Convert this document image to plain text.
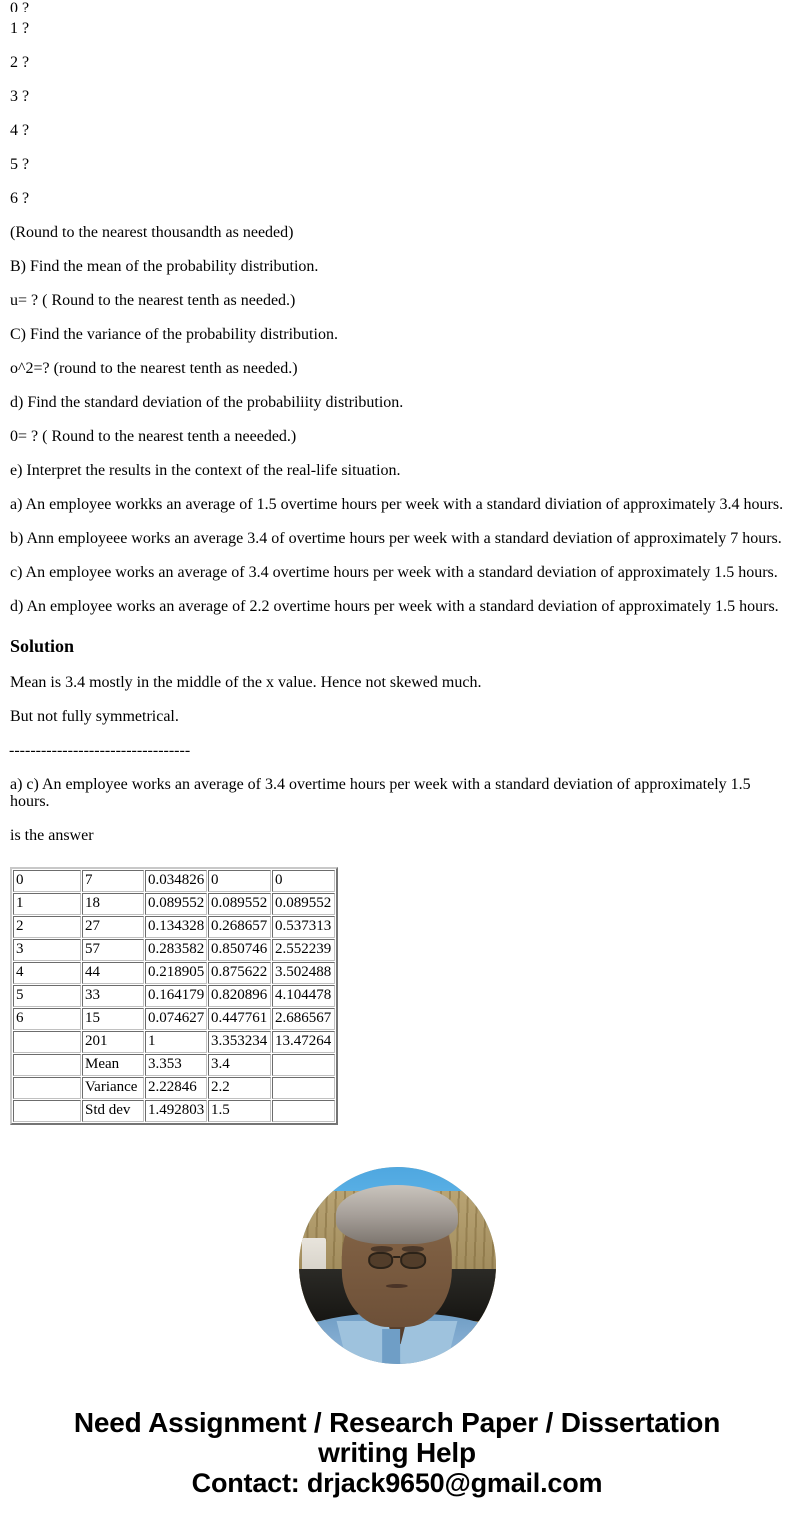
0 ?

1 ?

2 ?

3 ?

4 ?

5 ?

6 ?

(Round to the nearest thousandth as needed)

B) Find the mean of the probability distribution.

u= ? ( Round to the nearest tenth as needed.)

C) Find the variance of the probability distribution.

o^2=? (round to the nearest tenth as needed.)

d) Find the standard deviation of the probabiliity distribution.

0= ? ( Round to the nearest tenth a neeeded.)

e) Interpret the results in the context of the real-life situation.

a) An employee workks an average of 1.5 overtime hours per week with a standard diviation of approximately 3.4 hours.

b) Ann employeee works an average 3.4 of overtime hours per week with a standard deviation of approximately 7 hours.

c) An employee works an average of 3.4 overtime hours per week with a standard deviation of approximately 1.5 hours.

d) An employee works an average of 2.2 overtime hours per week with a standard deviation of approximately 1.5 hours.

Solution

Mean is 3.4 mostly in the middle of the x value. Hence not skewed much.

But not fully symmetrical.

----------------------------------

a) c) An employee works an average of 3.4 overtime hours per week with a standard deviation of approximately 1.5 hours.

is the answer

0	7	0.034826	0	0
1	18	0.089552	0.089552	0.089552
2	27	0.134328	0.268657	0.537313
3	57	0.283582	0.850746	2.552239
4	44	0.218905	0.875622	3.502488
5	33	0.164179	0.820896	4.104478
6	15	0.074627	0.447761	2.686567
	201	1	3.353234	13.47264
	Mean	3.353	3.4	
	Variance	2.22846	2.2	
	Std dev	1.492803	1.5	
Need Assignment / Research Paper / Dissertation
writing Help
Contact: drjack9650@gmail.com
